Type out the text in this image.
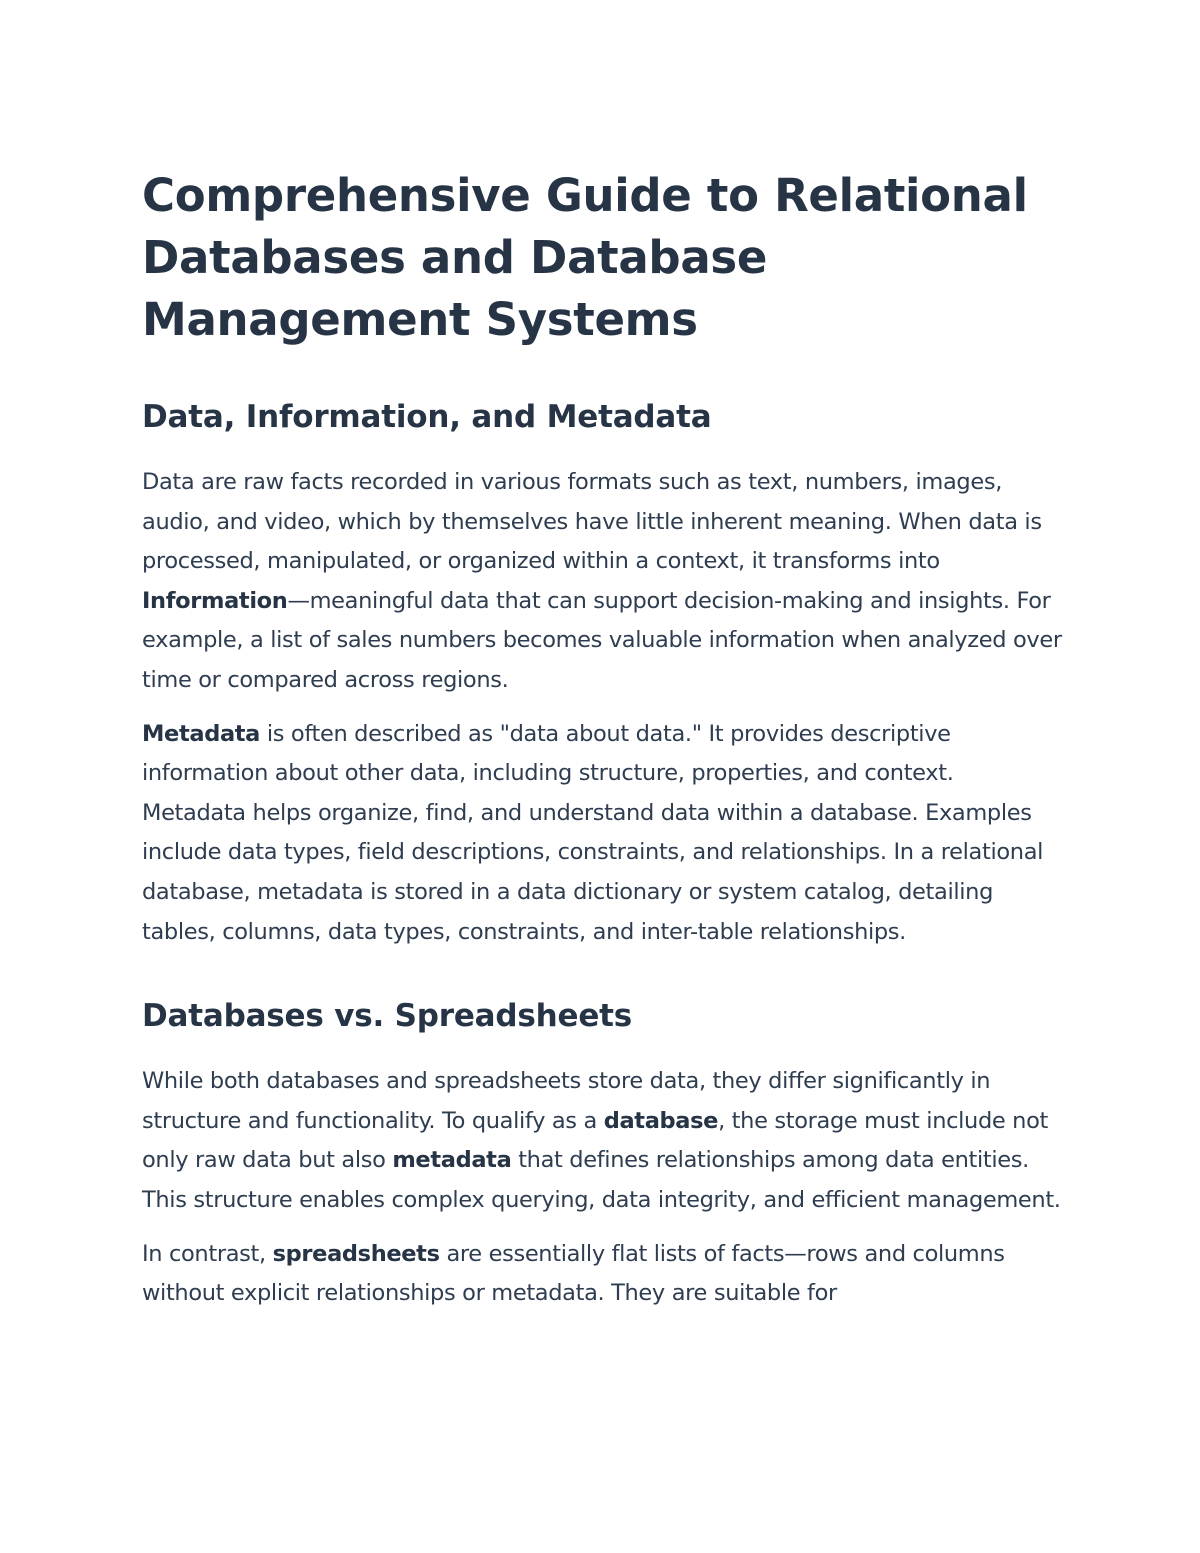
Comprehensive Guide to Relational Databases and Database Management Systems
Data, Information, and Metadata

Data are raw facts recorded in various formats such as text, numbers, images, audio, and video, which by themselves have little inherent meaning. When data is processed, manipulated, or organized within a context, it transforms into Information—meaningful data that can support decision-making and insights. For example, a list of sales numbers becomes valuable information when analyzed over time or compared across regions.

Metadata is often described as "data about data." It provides descriptive information about other data, including structure, properties, and context. Metadata helps organize, find, and understand data within a database. Examples include data types, field descriptions, constraints, and relationships. In a relational database, metadata is stored in a data dictionary or system catalog, detailing tables, columns, data types, constraints, and inter-table relationships.

Databases vs. Spreadsheets

While both databases and spreadsheets store data, they differ significantly in structure and functionality. To qualify as a database, the storage must include not only raw data but also metadata that defines relationships among data entities. This structure enables complex querying, data integrity, and efficient management.

In contrast, spreadsheets are essentially flat lists of facts—rows and columns without explicit relationships or metadata. They are suitable for
